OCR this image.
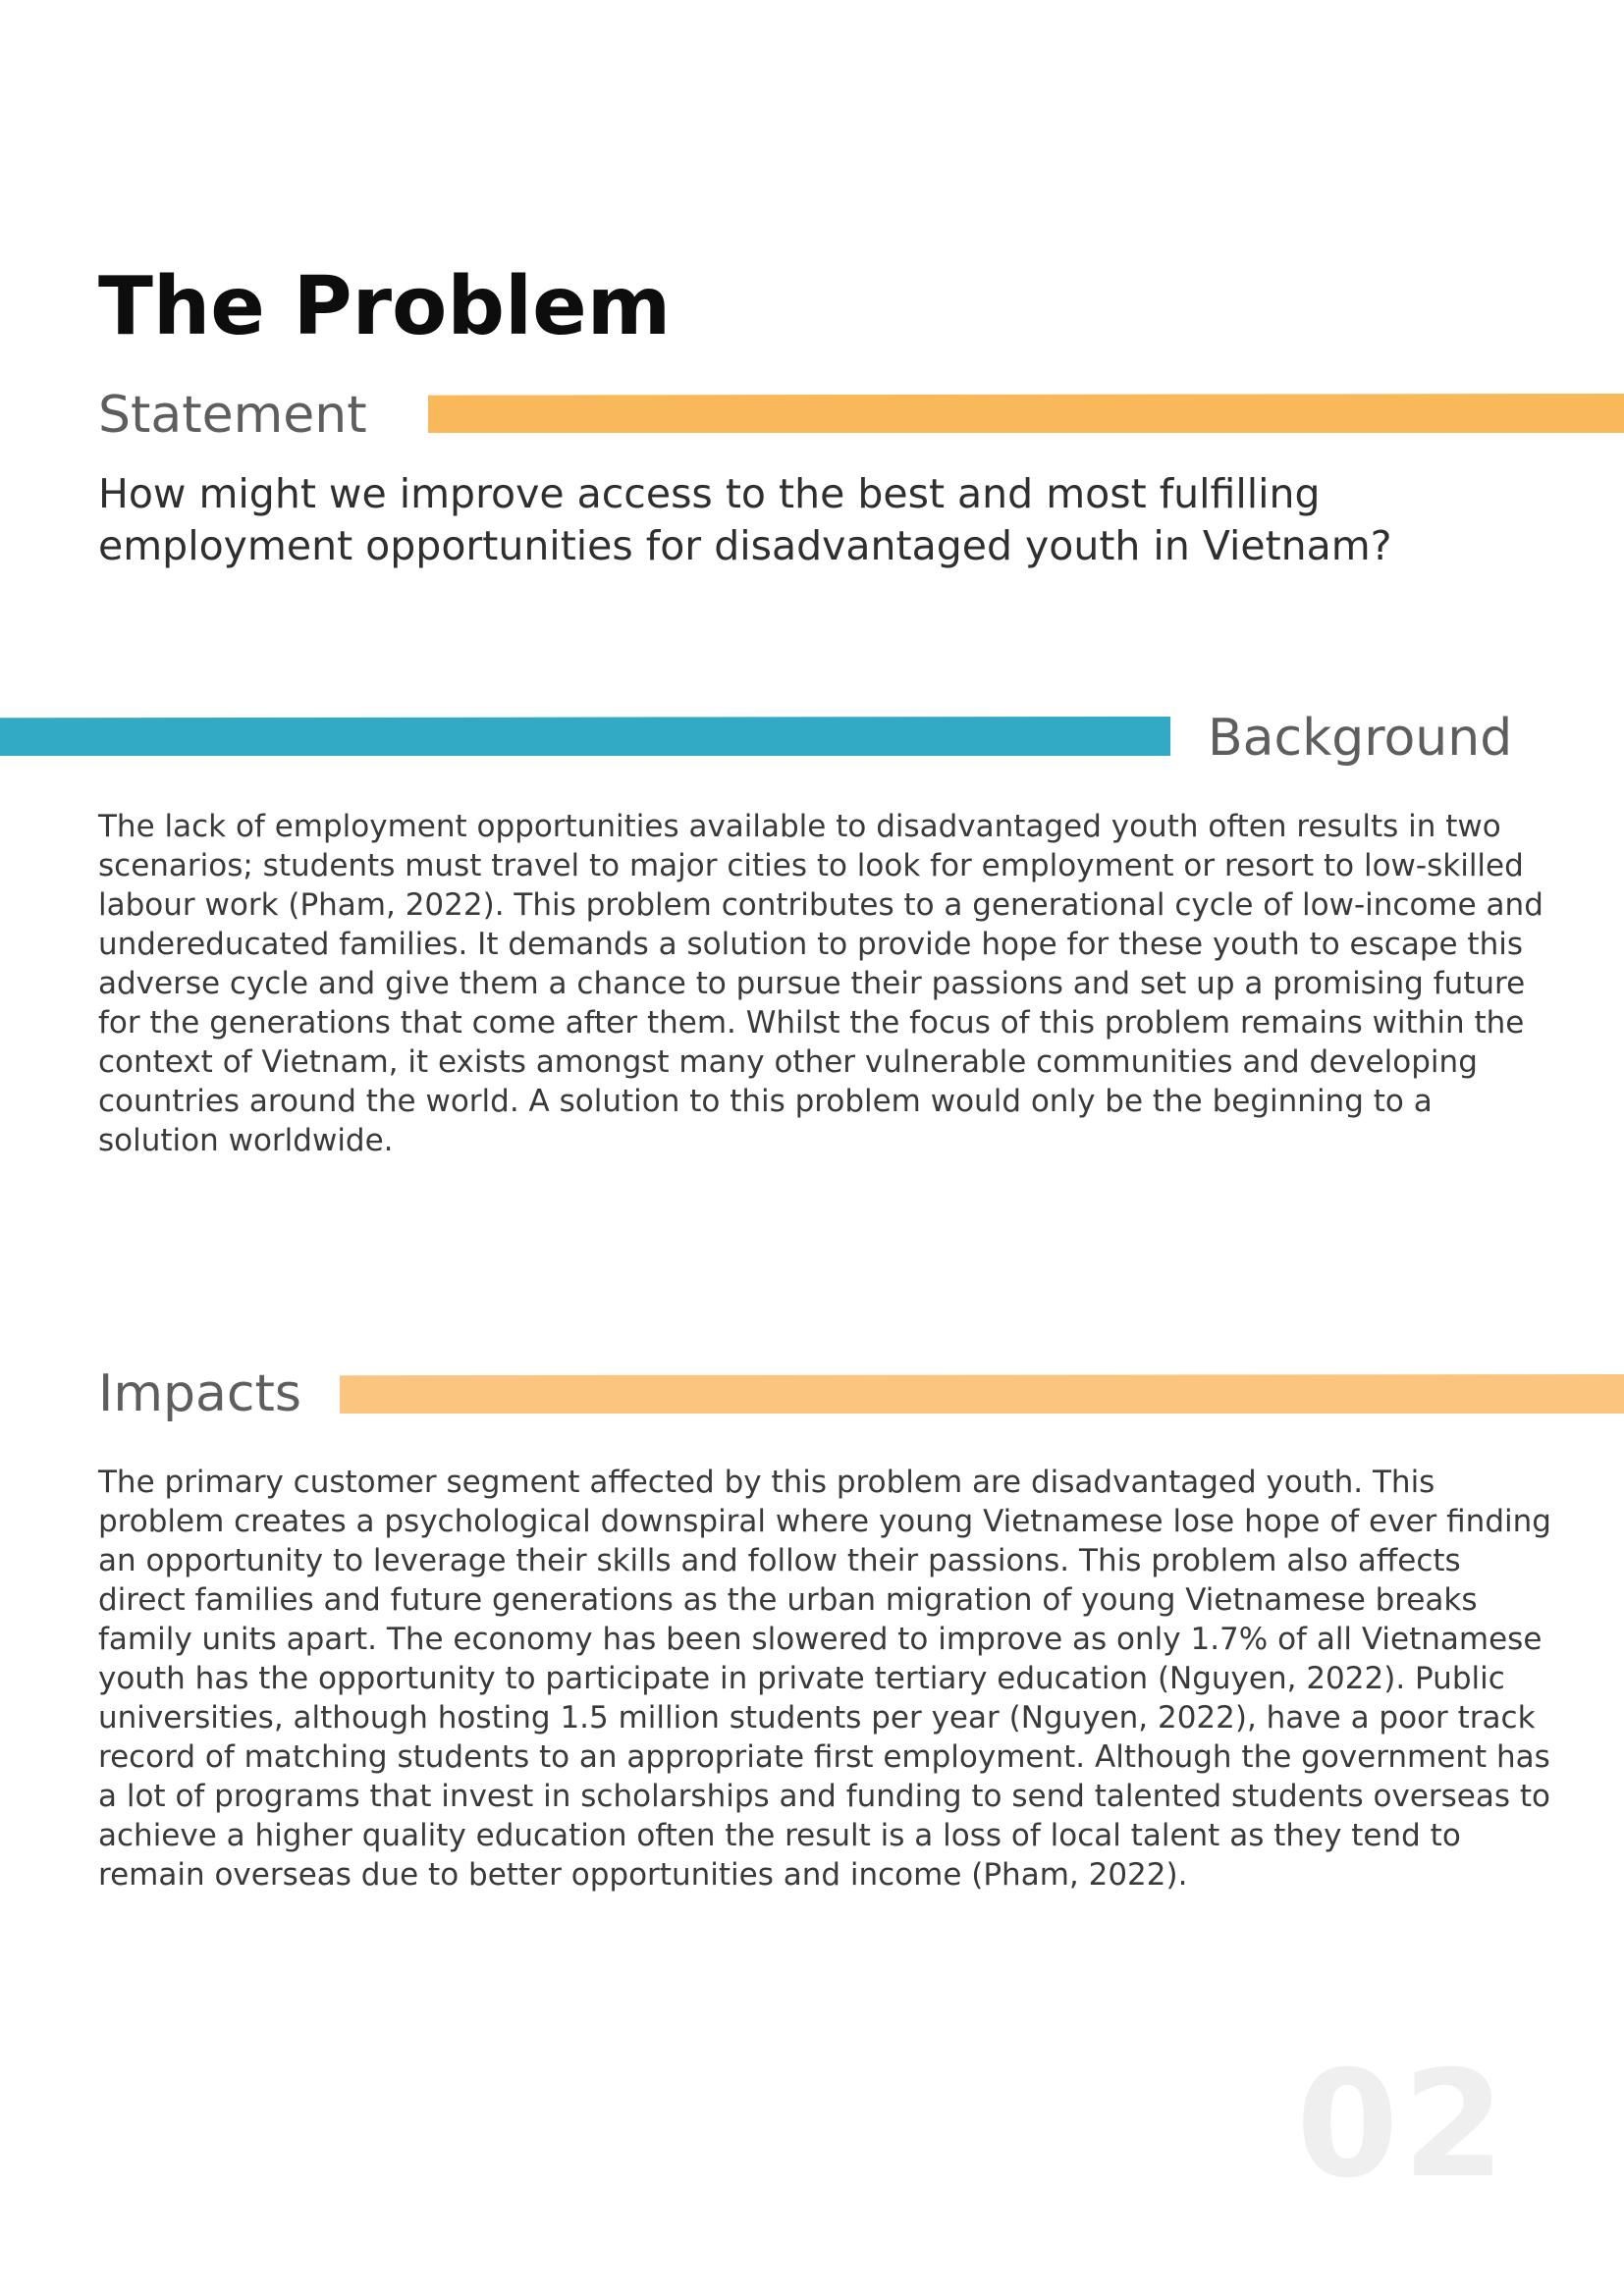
The Problem
Statement

How might we improve access to the best and most fulfilling employment opportunities for disadvantaged youth in Vietnam?

Background

The lack of employment opportunities available to disadvantaged youth often results in two scenarios; students must travel to major cities to look for employment or resort to low-skilled labour work (Pham, 2022). This problem contributes to a generational cycle of low-income and undereducated families. It demands a solution to provide hope for these youth to escape this adverse cycle and give them a chance to pursue their passions and set up a promising future for the generations that come after them. Whilst the focus of this problem remains within the context of Vietnam, it exists amongst many other vulnerable communities and developing countries around the world. A solution to this problem would only be the beginning to a solution worldwide.

Impacts

The primary customer segment affected by this problem are disadvantaged youth. This problem creates a psychological downspiral where young Vietnamese lose hope of ever finding an opportunity to leverage their skills and follow their passions. This problem also affects direct families and future generations as the urban migration of young Vietnamese breaks family units apart. The economy has been slowered to improve as only 1.7% of all Vietnamese youth has the opportunity to participate in private tertiary education (Nguyen, 2022). Public universities, although hosting 1.5 million students per year (Nguyen, 2022), have a poor track record of matching students to an appropriate first employment. Although the government has a lot of programs that invest in scholarships and funding to send talented students overseas to achieve a higher quality education often the result is a loss of local talent as they tend to remain overseas due to better opportunities and income (Pham, 2022).

02
